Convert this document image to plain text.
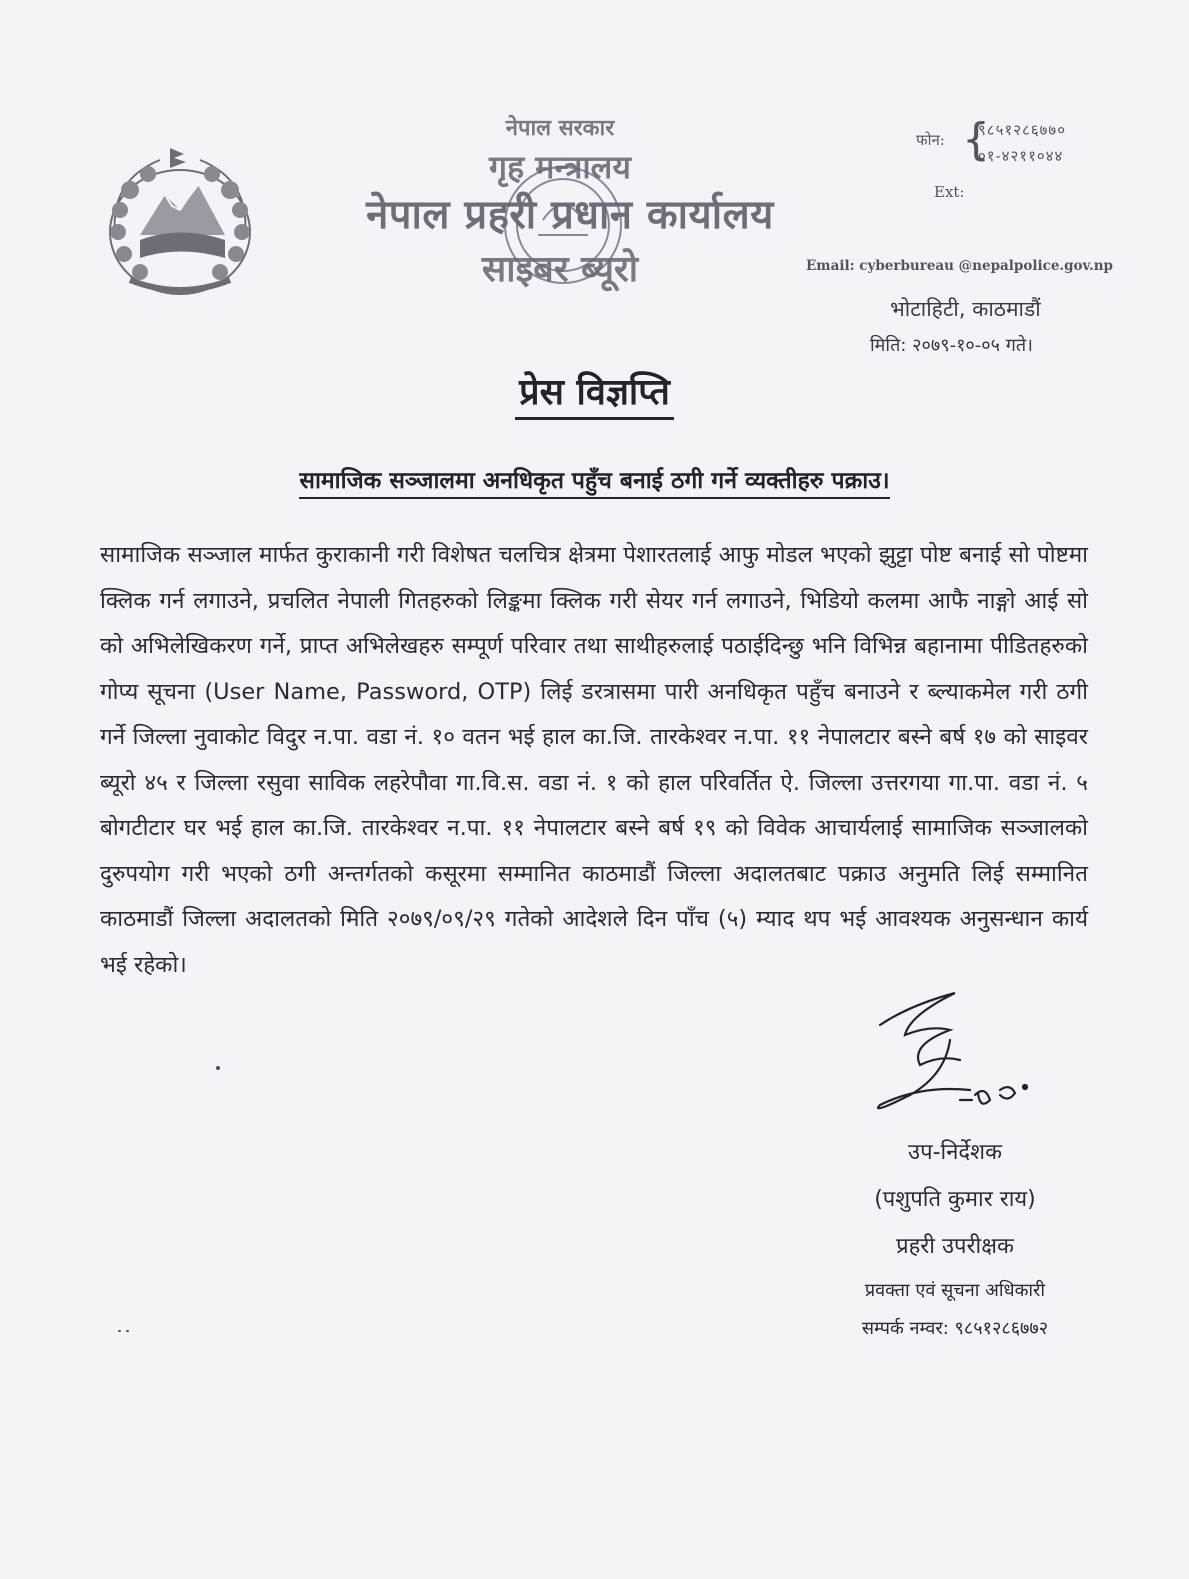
नेपाल सरकार
गृह मन्त्रालय
नेपाल प्रहरी प्रधान कार्यालय
साइबर ब्यूरो
फोन: {
९८५१२८६७७०
०१-४२११०४४
Ext:
Email: cyberbureau @nepalpolice.gov.np
भोटाहिटी, काठमाडौं
मिति: २०७९-१०-०५ गते।
प्रेस विज्ञप्ति
सामाजिक सञ्जालमा अनधिकृत पहुँच बनाई ठगी गर्ने व्यक्तीहरु पक्राउ।
सामाजिक सञ्जाल मार्फत कुराकानी गरी विशेषत चलचित्र क्षेत्रमा पेशारतलाई आफु मोडल भएको झुट्टा पोष्ट बनाई सो पोष्टमा क्लिक गर्न लगाउने, प्रचलित नेपाली गितहरुको लिङ्कमा क्लिक गरी सेयर गर्न लगाउने, भिडियो कलमा आफै नाङ्गो आई सो को अभिलेखिकरण गर्ने, प्राप्त अभिलेखहरु सम्पूर्ण परिवार तथा साथीहरुलाई पठाईदिन्छु भनि विभिन्न बहानामा पीडितहरुको गोप्य सूचना (User Name, Password, OTP) लिई डरत्रासमा पारी अनधिकृत पहुँच बनाउने र ब्ल्याकमेल गरी ठगी गर्ने जिल्ला नुवाकोट विदुर न.पा. वडा नं. १० वतन भई हाल का.जि. तारकेश्वर न.पा. ११ नेपालटार बस्ने बर्ष १७ को साइवर ब्यूरो ४५ र जिल्ला रसुवा साविक लहरेपौवा गा.वि.स. वडा नं. १ को हाल परिवर्तित ऐ. जिल्ला उत्तरगया गा.पा. वडा नं. ५ बोगटीटार घर भई हाल का.जि. तारकेश्वर न.पा. ११ नेपालटार बस्ने बर्ष १९ को विवेक आचार्यलाई सामाजिक सञ्जालको दुरुपयोग गरी भएको ठगी अन्तर्गतको कसूरमा सम्मानित काठमाडौं जिल्ला अदालतबाट पक्राउ अनुमति लिई सम्मानित काठमाडौं जिल्ला अदालतको मिति २०७९/०९/२९ गतेको आदेशले दिन पाँच (५) म्याद थप भई आवश्यक अनुसन्धान कार्य भई रहेको।
उप-निर्देशक
(पशुपति कुमार राय)
प्रहरी उपरीक्षक
प्रवक्ता एवं सूचना अधिकारी
सम्पर्क नम्वर: ९८५१२८६७७२
